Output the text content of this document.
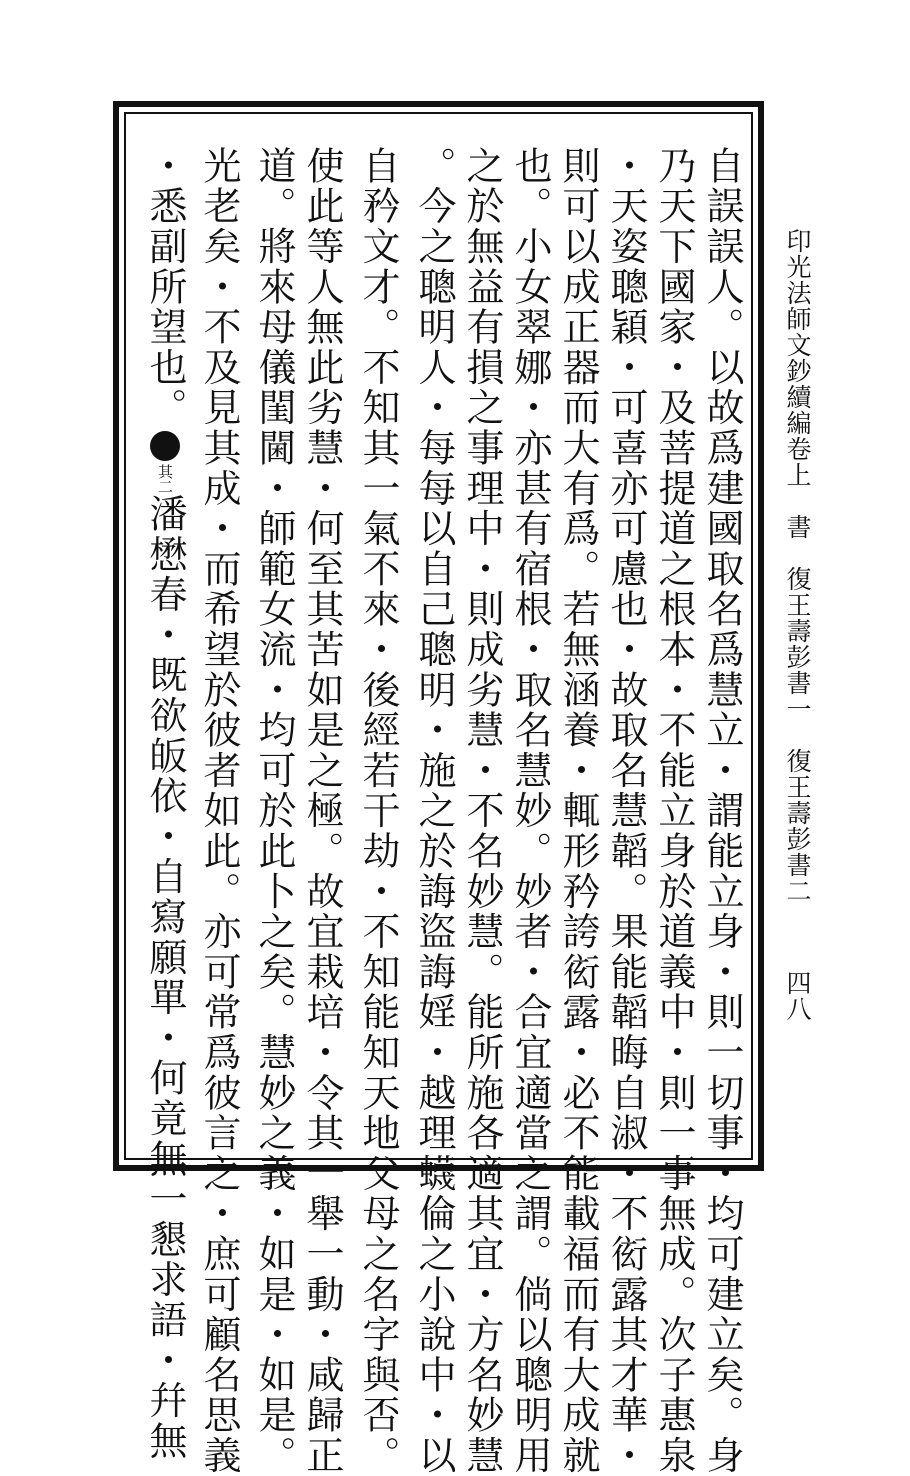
印光法師文鈔續編卷上書復王壽彭書一復王壽彭書二
四八
自誤誤人。以故爲建國取名爲慧立・謂能立身・則一切事・均可建立矣。身
乃天下國家・及菩提道之根本・不能立身於道義中・則一事無成。次子惠泉
・天姿聰穎・可喜亦可慮也・故取名慧韜。果能韜晦自淑・不衒露其才華・
則可以成正器而大有爲。若無涵養・輒形矜誇衒露・必不能載福而有大成就
也。小女翠娜・亦甚有宿根・取名慧妙。妙者・合宜適當之謂。倘以聰明用
之於無益有損之事理中・則成劣慧・不名妙慧。能所施各適其宜・方名妙慧
。今之聰明人・每每以自己聰明・施之於誨盜誨婬・越理蠛倫之小說中・以
自矜文才。不知其一氣不來・後經若干劫・不知能知天地父母之名字與否。
使此等人無此劣慧・何至其苦如是之極。故宜栽培・令其一舉一動・咸歸正
道。將來母儀閨閫・師範女流・均可於此卜之矣。慧妙之義・如是・如是。
光老矣・不及見其成・而希望於彼者如此。亦可常爲彼言之・庶可顧名思義
・悉副所望也。其二潘懋春・既欲皈依・自寫願單・何竟無一懇求語・幷無
